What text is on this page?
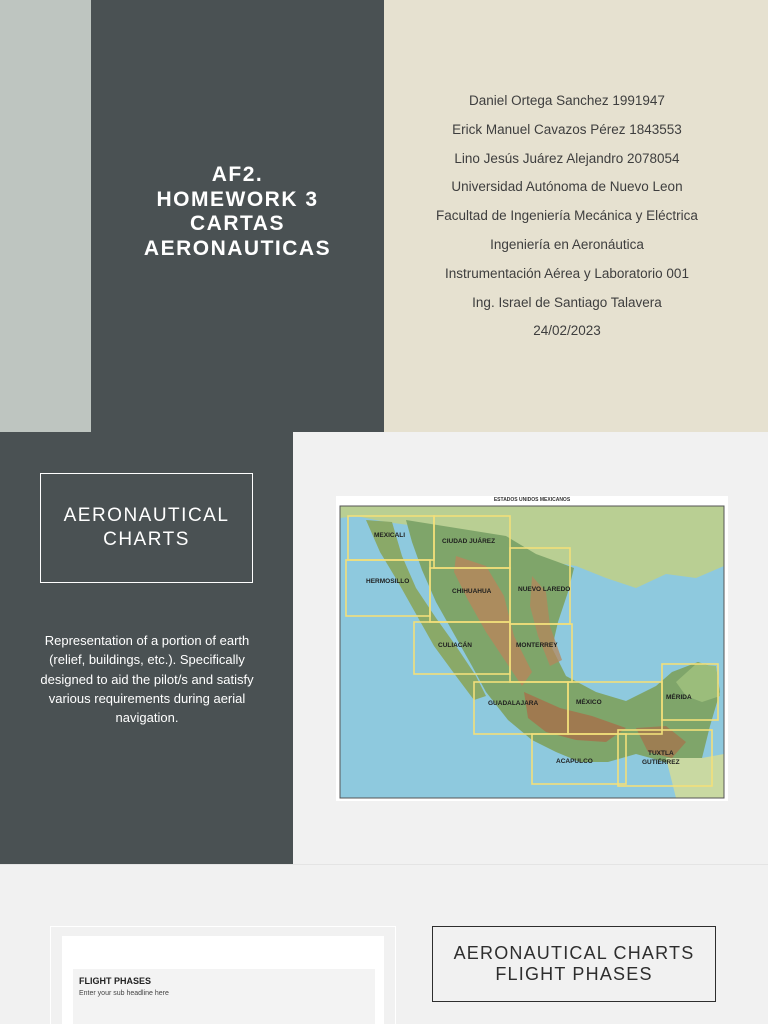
AF2.
HOMEWORK 3
CARTAS
AERONAUTICAS
Daniel Ortega Sanchez 1991947
Erick Manuel Cavazos Pérez 1843553
Lino Jesús Juárez Alejandro 2078054
Universidad Autónoma de Nuevo Leon
Facultad de Ingeniería Mecánica y Eléctrica
Ingeniería en Aeronáutica
Instrumentación Aérea y Laboratorio 001
Ing. Israel de Santiago Talavera
24/02/2023
AERONAUTICAL
CHARTS

Representation of a portion of earth (relief, buildings, etc.). Specifically designed to aid the pilot/s and satisfy various requirements during aerial navigation.

ESTADOS UNIDOS MEXICANOS
MEXICALI
CIUDAD JUÁREZ
HERMOSILLO
CHIHUAHUA	NUEVO LAREDO
CULIACÁN	MONTERREY
MÉRIDA
GUADALAJARA	MÉXICO
TUXTLA
GUTIÉRREZ
ACAPULCO
FLIGHT PHASES
Enter your sub headline here
AERONAUTICAL CHARTS
FLIGHT PHASES
